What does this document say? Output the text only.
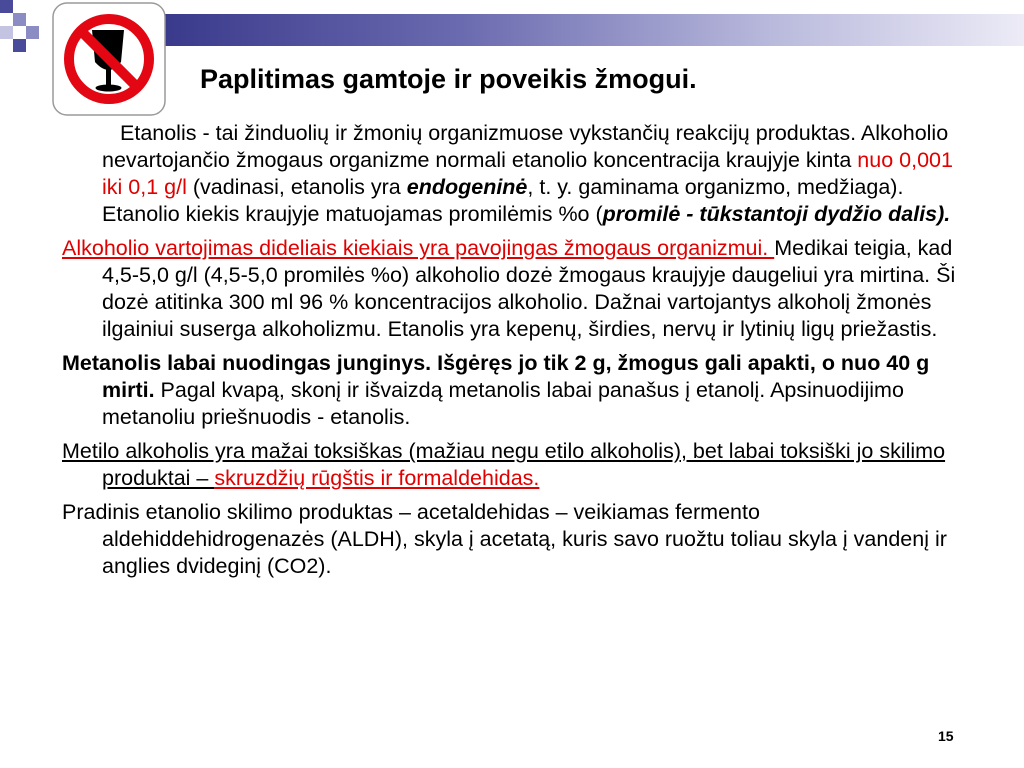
Paplitimas gamtoje ir poveikis žmogui.

Etanolis - tai žinduolių ir žmonių organizmuose vykstančių reakcijų produktas. Alkoholio nevartojančio žmogaus organizme normali etanolio koncentracija kraujyje kinta nuo 0,001 iki 0,1 g/l (vadinasi, etanolis yra endogeninė, t. y. gaminama organizmo, medžiaga). Etanolio kiekis kraujyje matuojamas promilėmis %o (promilė - tūkstantoji dydžio dalis).

Alkoholio vartojimas dideliais kiekiais yra pavojingas žmogaus organizmui. Medikai teigia, kad 4,5-5,0 g/l (4,5-5,0 promilės %o) alkoholio dozė žmogaus kraujyje daugeliui yra mirtina. Ši dozė atitinka 300 ml 96 % koncentracijos alkoholio. Dažnai vartojantys alkoholį žmonės ilgainiui suserga alkoholizmu. Etanolis yra kepenų, širdies, nervų ir lytinių ligų priežastis.

Metanolis labai nuodingas junginys. Išgėręs jo tik 2 g, žmogus gali apakti, o nuo 40 g mirti. Pagal kvapą, skonį ir išvaizdą metanolis labai panašus į etanolį. Apsinuodijimo metanoliu priešnuodis - etanolis.

Metilo alkoholis yra mažai toksiškas (mažiau negu etilo alkoholis), bet labai toksiški jo skilimo produktai – skruzdžių rūgštis ir formaldehidas.

Pradinis etanolio skilimo produktas – acetaldehidas – veikiamas fermento aldehiddehidrogenazės (ALDH), skyla į acetatą, kuris savo ruožtu toliau skyla į vandenį ir anglies dvideginį (CO2).

15
